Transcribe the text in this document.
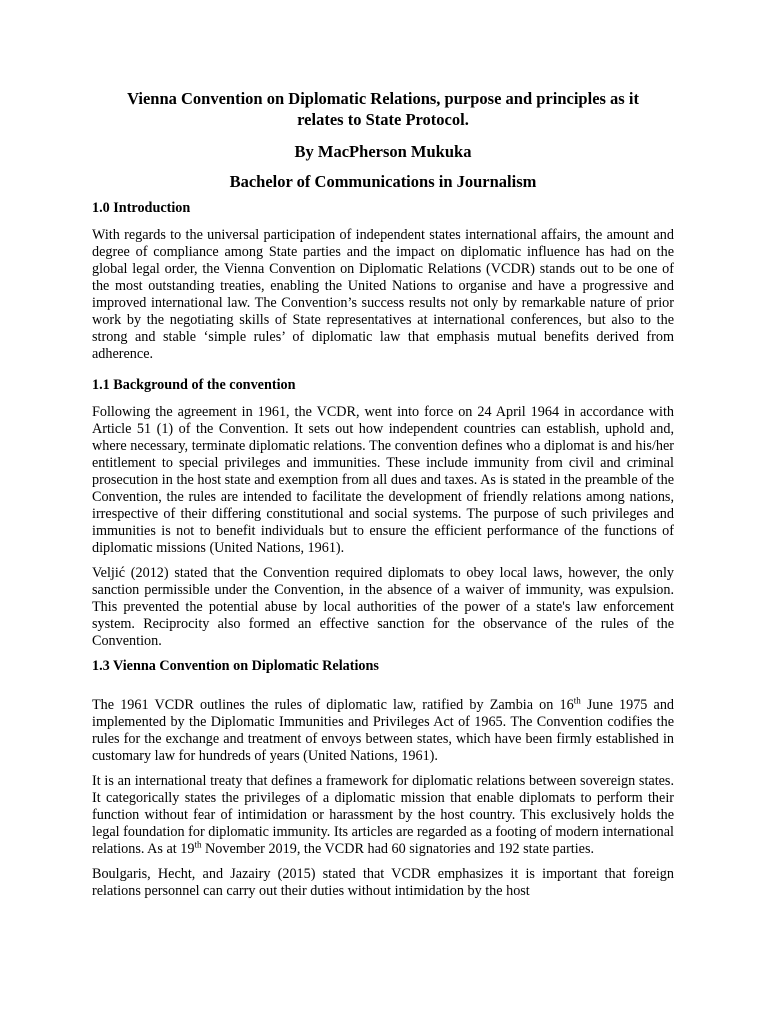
Vienna Convention on Diplomatic Relations, purpose and principles as it
relates to State Protocol.
By MacPherson Mukuka
Bachelor of Communications in Journalism
1.0 Introduction

With regards to the universal participation of independent states international affairs, the amount and degree of compliance among State parties and the impact on diplomatic influence has had on the global legal order, the Vienna Convention on Diplomatic Relations (VCDR) stands out to be one of the most outstanding treaties, enabling the United Nations to organise and have a progressive and improved international law. The Convention’s success results not only by remarkable nature of prior work by the negotiating skills of State representatives at international conferences, but also to the strong and stable ‘simple rules’ of diplomatic law that emphasis mutual benefits derived from adherence.

1.1 Background of the convention

Following the agreement in 1961, the VCDR, went into force on 24 April 1964 in accordance with Article 51 (1) of the Convention. It sets out how independent countries can establish, uphold and, where necessary, terminate diplomatic relations. The convention defines who a diplomat is and his/her entitlement to special privileges and immunities. These include immunity from civil and criminal prosecution in the host state and exemption from all dues and taxes. As is stated in the preamble of the Convention, the rules are intended to facilitate the development of friendly relations among nations, irrespective of their differing constitutional and social systems. The purpose of such privileges and immunities is not to benefit individuals but to ensure the efficient performance of the functions of diplomatic missions (United Nations, 1961).

Veljić (2012) stated that the Convention required diplomats to obey local laws, however, the only sanction permissible under the Convention, in the absence of a waiver of immunity, was expulsion. This prevented the potential abuse by local authorities of the power of a state's law enforcement system. Reciprocity also formed an effective sanction for the observance of the rules of the Convention.

1.3 Vienna Convention on Diplomatic Relations

The 1961 VCDR outlines the rules of diplomatic law, ratified by Zambia on 16th June 1975 and implemented by the Diplomatic Immunities and Privileges Act of 1965. The Convention codifies the rules for the exchange and treatment of envoys between states, which have been firmly established in customary law for hundreds of years (United Nations, 1961).

It is an international treaty that defines a framework for diplomatic relations between sovereign states. It categorically states the privileges of a diplomatic mission that enable diplomats to perform their function without fear of intimidation or harassment by the host country. This exclusively holds the legal foundation for diplomatic immunity. Its articles are regarded as a footing of modern international relations. As at 19th November 2019, the VCDR had 60 signatories and 192 state parties.

Boulgaris, Hecht, and Jazairy (2015) stated that VCDR emphasizes it is important that foreign relations personnel can carry out their duties without intimidation by the host
